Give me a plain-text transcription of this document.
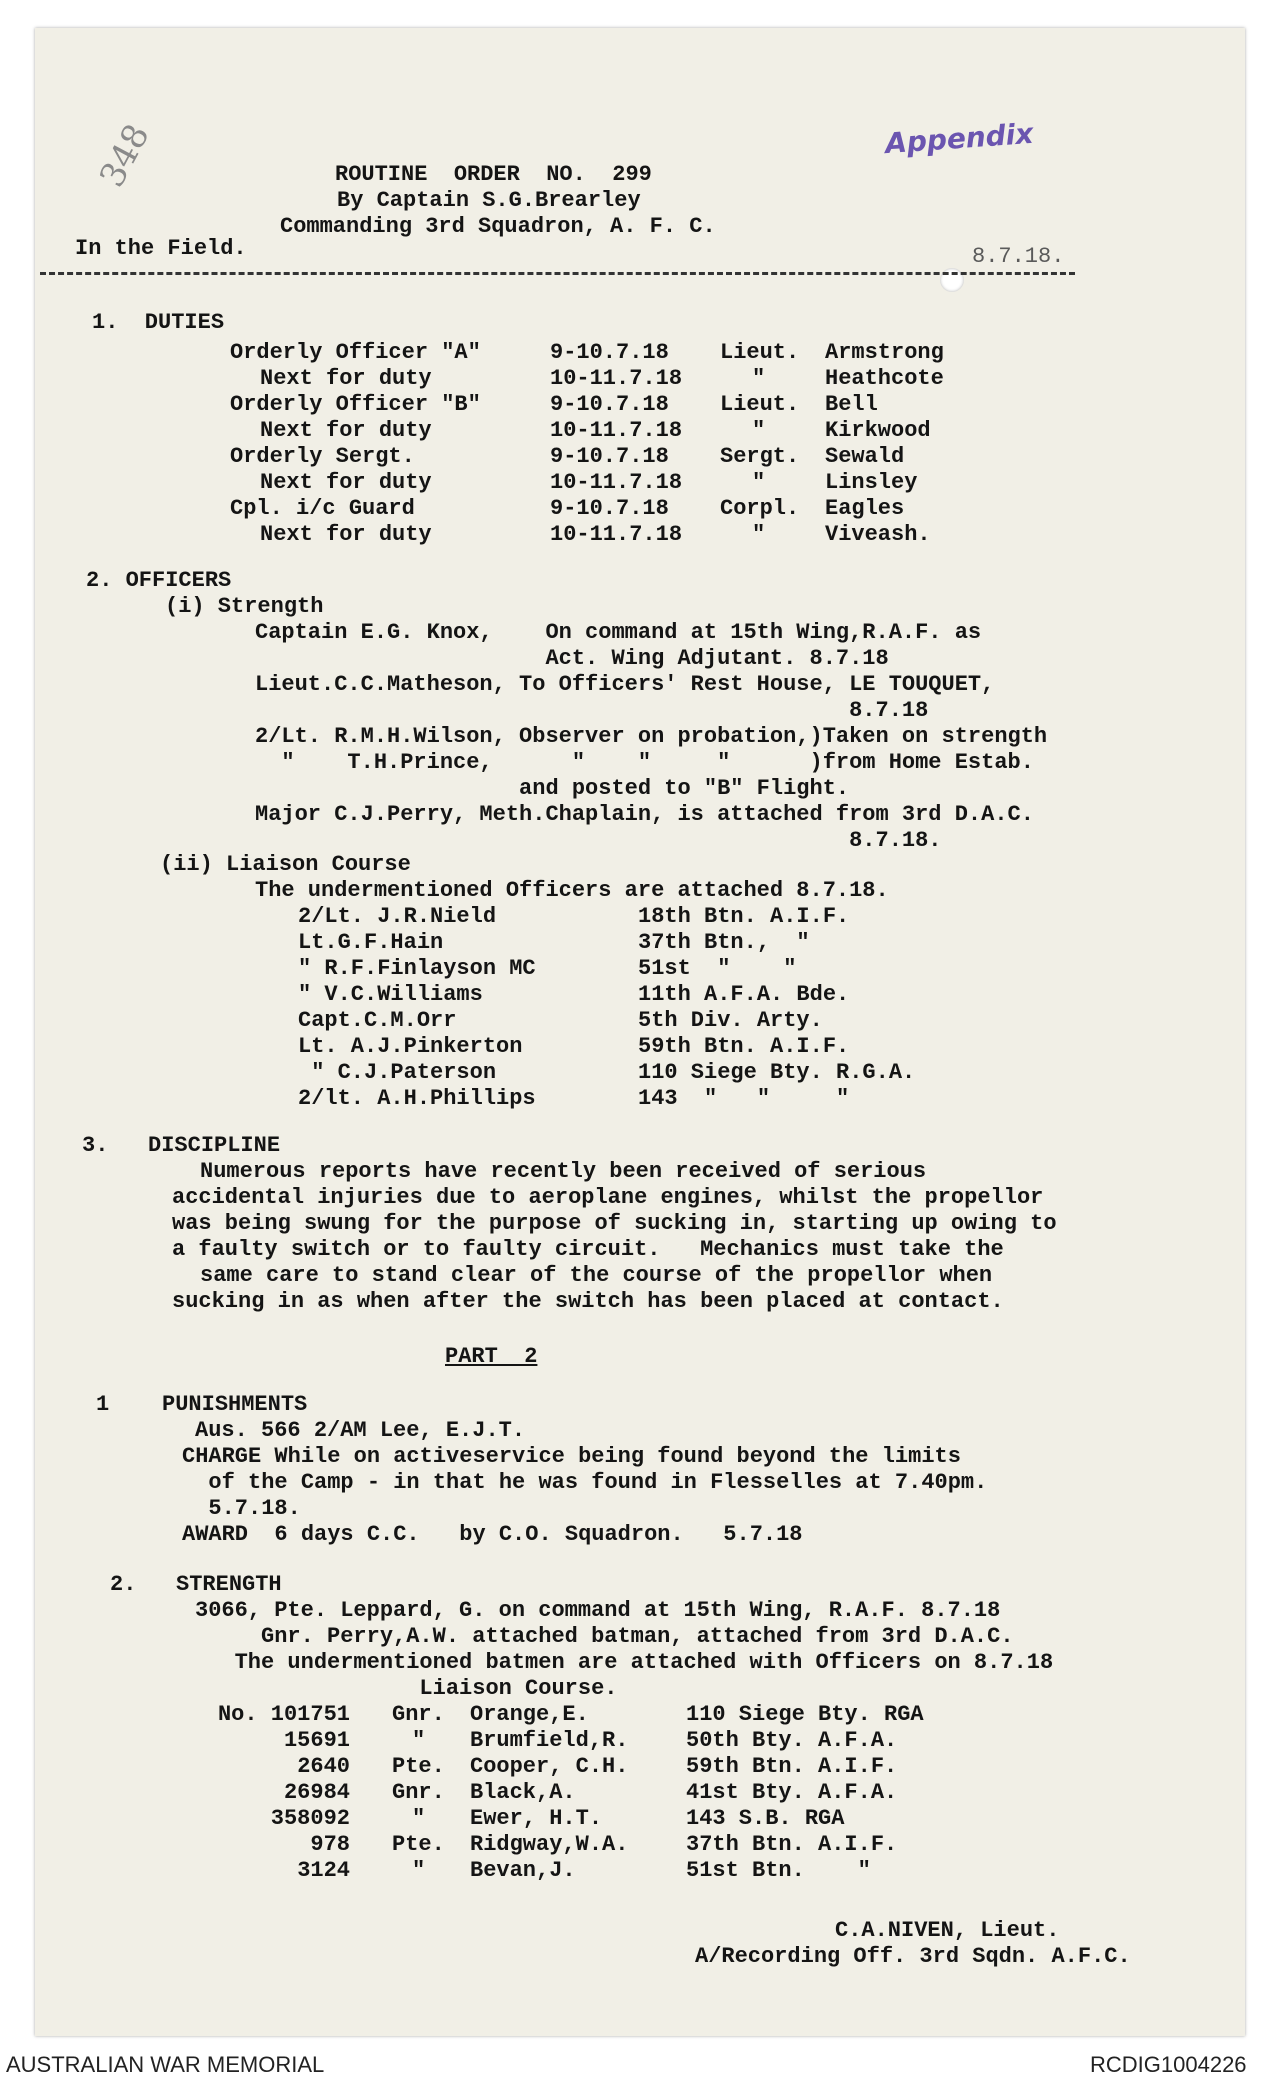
348	Appendix
ROUTINE  ORDER  NO.  299
By Captain S.G.Brearley
Commanding 3rd Squadron, A. F. C.
In the Field.	8.7.18.
1.  DUTIES
Orderly Officer "A"	9-10.7.18 Lieut. Armstrong
Next for duty	10-11.7.18	"	Heathcote
Orderly Officer "B"	9-10.7.18 Lieut. Bell
Next for duty	10-11.7.18	"	Kirkwood
Orderly Sergt.	9-10.7.18 Sergt. Sewald
Next for duty	10-11.7.18	"	Linsley
Cpl. i/c Guard	9-10.7.18 Corpl. Eagles
Next for duty	10-11.7.18	"	Viveash.
2. OFFICERS
(i) Strength
Captain E.G. Knox,    On command at 15th Wing,R.A.F. as
Act. Wing Adjutant. 8.7.18
Lieut.C.C.Matheson, To Officers' Rest House, LE TOUQUET,
8.7.18
2/Lt. R.M.H.Wilson, Observer on probation,)Taken on strength
"    T.H.Prince,      "    "     "      )from Home Estab.
and posted to "B" Flight.
Major C.J.Perry, Meth.Chaplain, is attached from 3rd D.A.C.
8.7.18.
(ii) Liaison Course
The undermentioned Officers are attached 8.7.18.
2/Lt. J.R.Nield	18th Btn. A.I.F.
Lt.G.F.Hain	37th Btn.,  "
" R.F.Finlayson MC	51st  "    "
" V.C.Williams	11th A.F.A. Bde.
Capt.C.M.Orr	5th Div. Arty.
Lt. A.J.Pinkerton	59th Btn. A.I.F.
" C.J.Paterson	110 Siege Bty. R.G.A.
2/lt. A.H.Phillips	143  "   "     "
3.   DISCIPLINE
Numerous reports have recently been received of serious
accidental injuries due to aeroplane engines, whilst the propellor
was being swung for the purpose of sucking in, starting up owing to
a faulty switch or to faulty circuit.   Mechanics must take the
same care to stand clear of the course of the propellor when
sucking in as when after the switch has been placed at contact.
PART  2
1    PUNISHMENTS
Aus. 566 2/AM Lee, E.J.T.
CHARGE While on activeservice being found beyond the limits
of the Camp - in that he was found in Flesselles at 7.40pm.
5.7.18.
AWARD  6 days C.C.   by C.O. Squadron.   5.7.18
2.   STRENGTH
3066, Pte. Leppard, G. on command at 15th Wing, R.A.F. 8.7.18
Gnr. Perry,A.W. attached batman, attached from 3rd D.A.C.
The undermentioned batmen are attached with Officers on 8.7.18
Liaison Course.
No. 101751 Gnr. Orange,E.	110 Siege Bty. RGA
15691	" Brumfield,R.	50th Bty. A.F.A.
2640 Pte. Cooper, C.H.	59th Btn. A.I.F.
26984 Gnr. Black,A.	41st Bty. A.F.A.
358092	" Ewer, H.T.	143 S.B. RGA
978 Pte. Ridgway,W.A.	37th Btn. A.I.F.
3124	" Bevan,J.	51st Btn.    "
C.A.NIVEN, Lieut.
A/Recording Off. 3rd Sqdn. A.F.C.
AUSTRALIAN WAR MEMORIAL	RCDIG1004226
